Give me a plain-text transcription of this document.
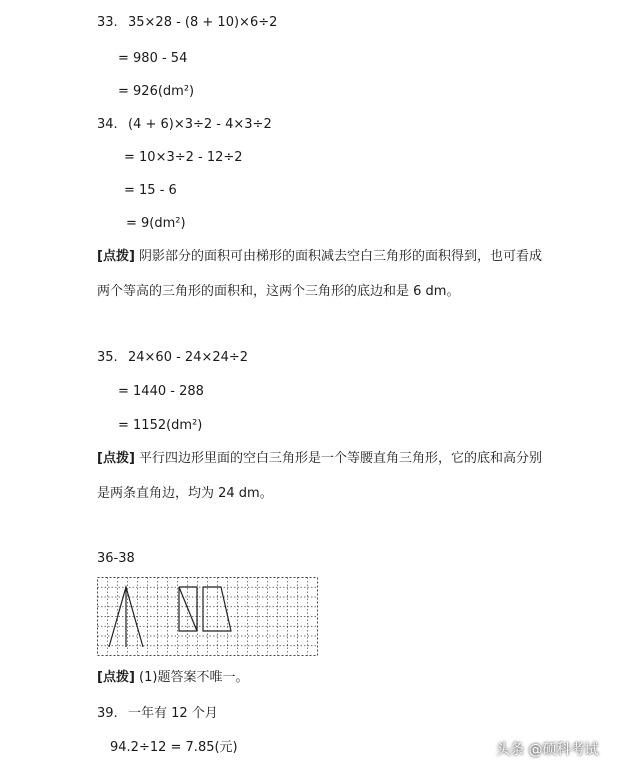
33. 35×28 - (8 + 10)×6÷2
= 980 - 54
= 926(dm²)
34. (4 + 6)×3÷2 - 4×3÷2
= 10×3÷2 - 12÷2
= 15 - 6
= 9(dm²)
[点拨] 阴影部分的面积可由梯形的面积减去空白三角形的面积得到，也可看成
两个等高的三角形的面积和，这两个三角形的底边和是 6 dm。
35. 24×60 - 24×24÷2
= 1440 - 288
= 1152(dm²)
[点拨] 平行四边形里面的空白三角形是一个等腰直角三角形，它的底和高分别
是两条直角边，均为 24 dm。
36-38
[点拨] (1)题答案不唯一。
39. 一年有 12 个月
94.2÷12 = 7.85(元)	头条 @硕科考试
